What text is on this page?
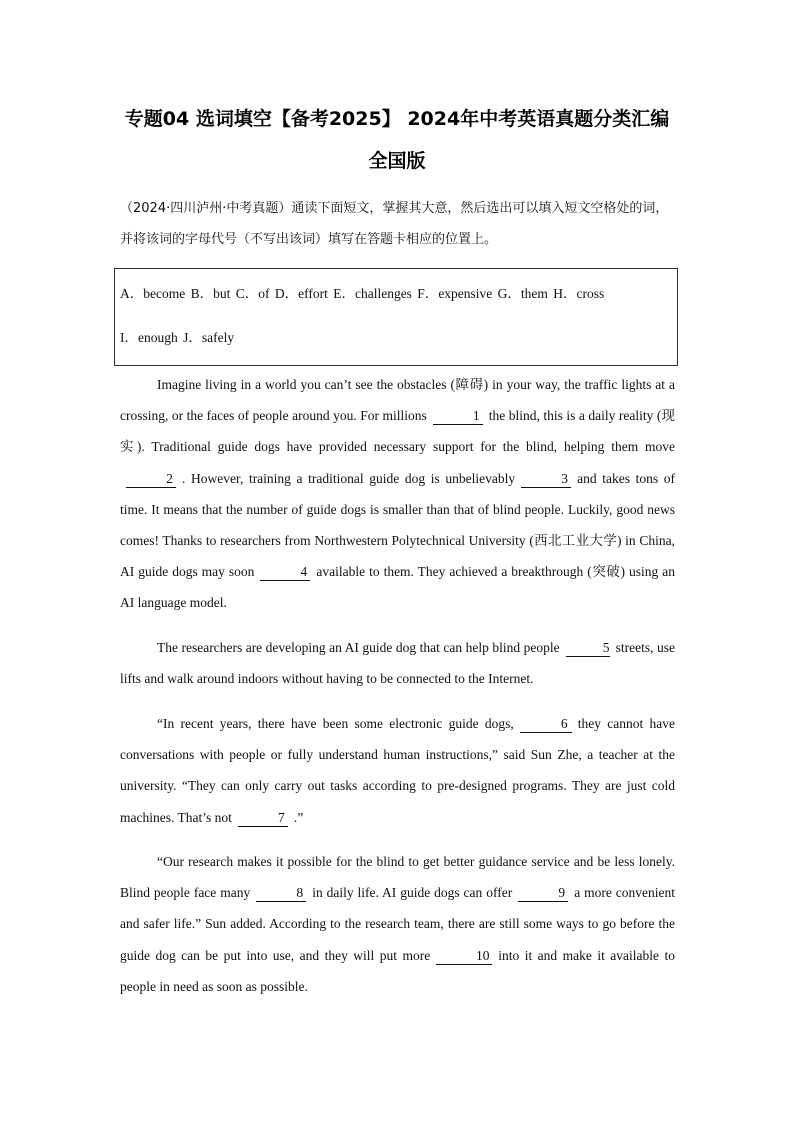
专题04 选词填空【备考2025】 2024年中考英语真题分类汇编
全国版
（2024·四川泸州·中考真题）通读下面短文，掌握其大意，然后选出可以填入短文空格处的词，并将该词的字母代号（不写出该词）填写在答题卡相应的位置上。
A．become B．but C．of D．effort E．challenges F．expensive G．them H．cross
I．enough J．safely

Imagine living in a world you can’t see the obstacles (障碍) in your way, the traffic lights at a crossing, or the faces of people around you. For millions	1 the blind, this is a daily reality (现实). Traditional guide dogs have provided necessary support for the blind, helping them move2 . However, training a traditional guide dog is unbelievably	3 and takes tons of time. It means that the number of guide dogs is smaller than that of blind people. Luckily, good news comes! Thanks to researchers from Northwestern Polytechnical University (西北工业大学) in China, AI guide dogs may soon	4 available to them. They achieved a breakthrough (突破) using an AI language model.

The researchers are developing an AI guide dog that can help blind people	5 streets, use lifts and walk around indoors without having to be connected to the Internet.

“In recent years, there have been some electronic guide dogs,	6 they cannot have conversations with people or fully understand human instructions,” said Sun Zhe, a teacher at the university. “They can only carry out tasks according to pre-designed programs. They are just cold machines. That’s not	7 .”

“Our research makes it possible for the blind to get better guidance service and be less lonely. Blind people face many	8 in daily life. AI guide dogs can offer	9 a more convenient and safer life.” Sun added. According to the research team, there are still some ways to go before the guide dog can be put into use, and they will put more	10 into it and make it available to people in need as soon as possible.
